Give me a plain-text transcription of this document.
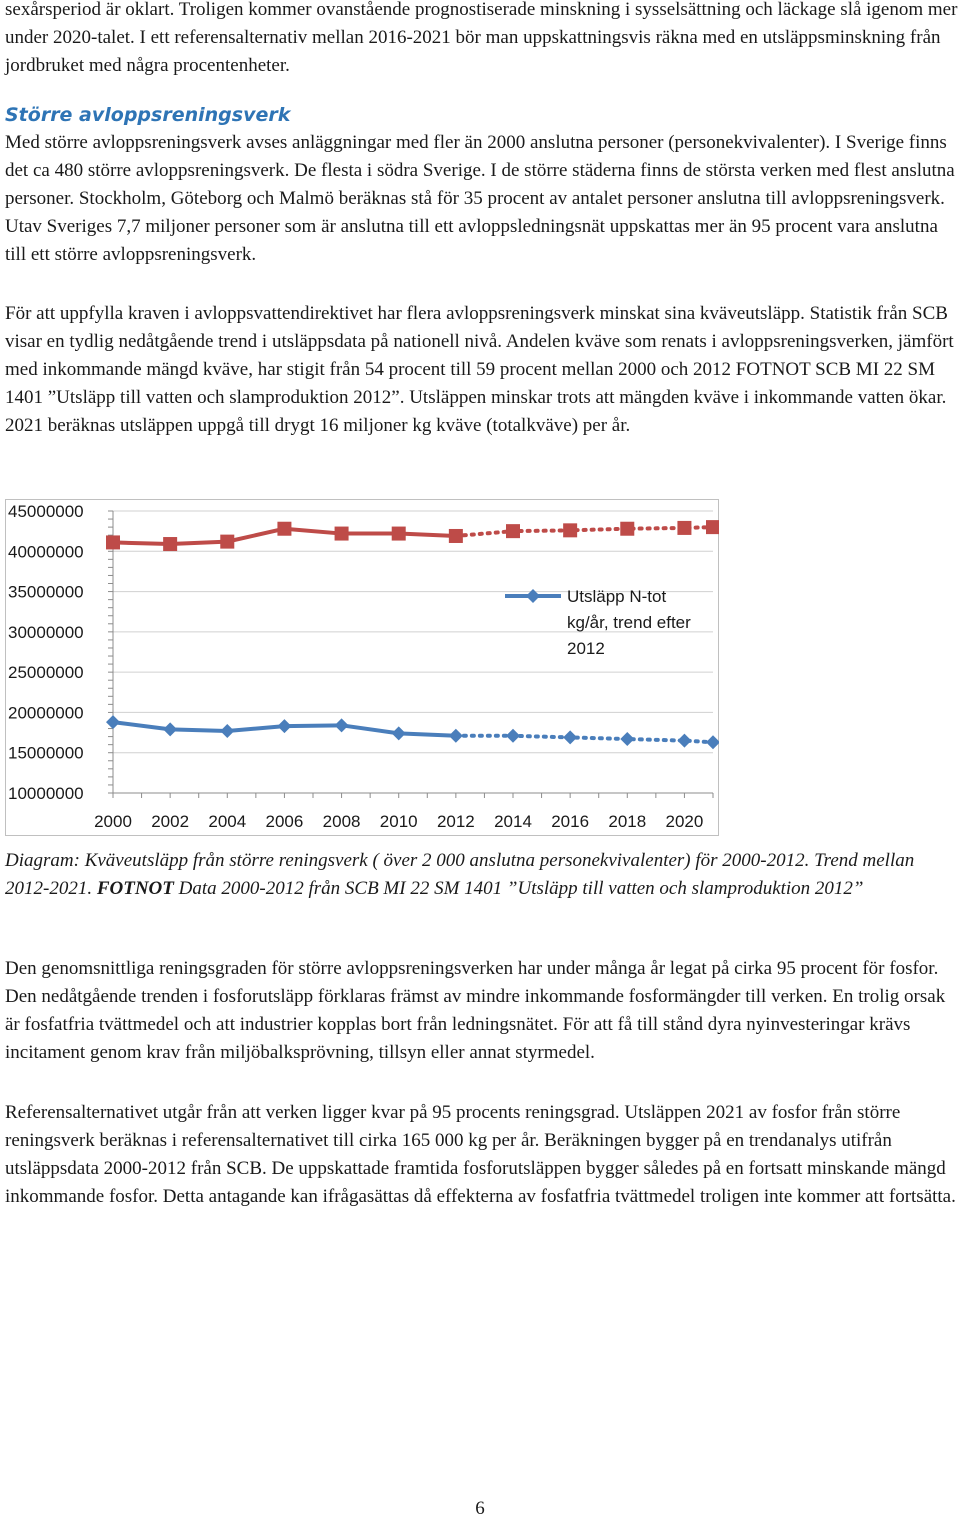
sexårsperiod är oklart. Troligen kommer ovanstående prognostiserade minskning i sysselsättning och läckage slå igenom mer under 2020-talet. I ett referensalternativ mellan 2016-2021 bör man uppskattningsvis räkna med en utsläppsminskning från jordbruket med några procentenheter.

Större avloppsreningsverk

Med större avloppsreningsverk avses anläggningar med fler än 2000 anslutna personer (personekvivalenter). I Sverige finns det ca 480 större avloppsreningsverk. De flesta i södra Sverige. I de större städerna finns de största verken med flest anslutna personer. Stockholm, Göteborg och Malmö beräknas stå för 35 procent av antalet personer anslutna till avloppsreningsverk. Utav Sveriges 7,7 miljoner personer som är anslutna till ett avloppsledningsnät uppskattas mer än 95 procent vara anslutna till ett större avloppsreningsverk.

För att uppfylla kraven i avloppsvattendirektivet har flera avloppsreningsverk minskat sina kväveutsläpp. Statistik från SCB visar en tydlig nedåtgående trend i utsläppsdata på nationell nivå. Andelen kväve som renats i avloppsreningsverken, jämfört med inkommande mängd kväve, har stigit från 54 procent till 59 procent mellan 2000 och 2012 FOTNOT SCB MI 22 SM 1401 ”Utsläpp till vatten och slamproduktion 2012”. Utsläppen minskar trots att mängden kväve i inkommande vatten ökar. 2021 beräknas utsläppen uppgå till drygt 16 miljoner kg kväve (totalkväve) per år.

45000000
40000000
35000000
30000000
25000000
20000000
15000000
10000000
2000 2002 2004 2006 2008 2010 2012 2014 2016 2018 2020
Utsläpp N-tot
kg/år, trend efter
2012

Diagram: Kväveutsläpp från större reningsverk ( över 2 000 anslutna personekvivalenter) för 2000-2012. Trend mellan 2012-2021. FOTNOT Data 2000-2012 från SCB MI 22 SM 1401 ”Utsläpp till vatten och slamproduktion 2012”

Den genomsnittliga reningsgraden för större avloppsreningsverken har under många år legat på cirka 95 procent för fosfor. Den nedåtgående trenden i fosforutsläpp förklaras främst av mindre inkommande fosformängder till verken. En trolig orsak är fosfatfria tvättmedel och att industrier kopplas bort från ledningsnätet. För att få till stånd dyra nyinvesteringar krävs incitament genom krav från miljöbalksprövning, tillsyn eller annat styrmedel.

Referensalternativet utgår från att verken ligger kvar på 95 procents reningsgrad. Utsläppen 2021 av fosfor från större reningsverk beräknas i referensalternativet till cirka 165 000 kg per år. Beräkningen bygger på en trendanalys utifrån utsläppsdata 2000-2012 från SCB. De uppskattade framtida fosforutsläppen bygger således på en fortsatt minskande mängd inkommande fosfor. Detta antagande kan ifrågasättas då effekterna av fosfatfria tvättmedel troligen inte kommer att fortsätta.

6
